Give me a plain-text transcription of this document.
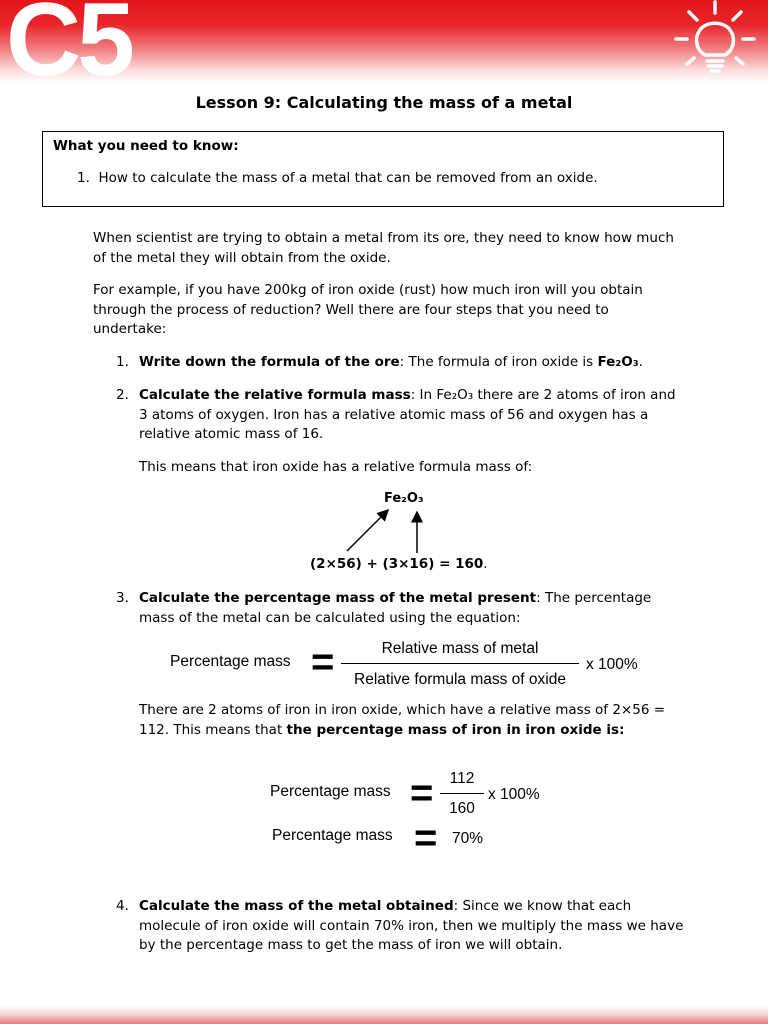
C5
Lesson 9: Calculating the mass of a metal
What you need to know:
1. How to calculate the mass of a metal that can be removed from an oxide.

When scientist are trying to obtain a metal from its ore, they need to know how much of the metal they will obtain from the oxide.

For example, if you have 200kg of iron oxide (rust) how much iron will you obtain through the process of reduction? Well there are four steps that you need to undertake:

1. Write down the formula of the ore: The formula of iron oxide is Fe₂O₃.
2. Calculate the relative formula mass: In Fe₂O₃ there are 2 atoms of iron and 3 atoms of oxygen. Iron has a relative atomic mass of 56 and oxygen has a relative atomic mass of 16.
This means that iron oxide has a relative formula mass of:
Fe₂O₃
(2×56) + (3×16) = 160.
3. Calculate the percentage mass of the metal present: The percentage mass of the metal can be calculated using the equation:
Percentage mass =	Relative mass of metal
Relative formula mass of oxide
x 100%
There are 2 atoms of iron in iron oxide, which have a relative mass of 2×56 = 112. This means that the percentage mass of iron in iron oxide is:
Percentage mass =	112
160
x 100%
Percentage mass = 70%
4. Calculate the mass of the metal obtained: Since we know that each molecule of iron oxide will contain 70% iron, then we multiply the mass we have by the percentage mass to get the mass of iron we will obtain.
